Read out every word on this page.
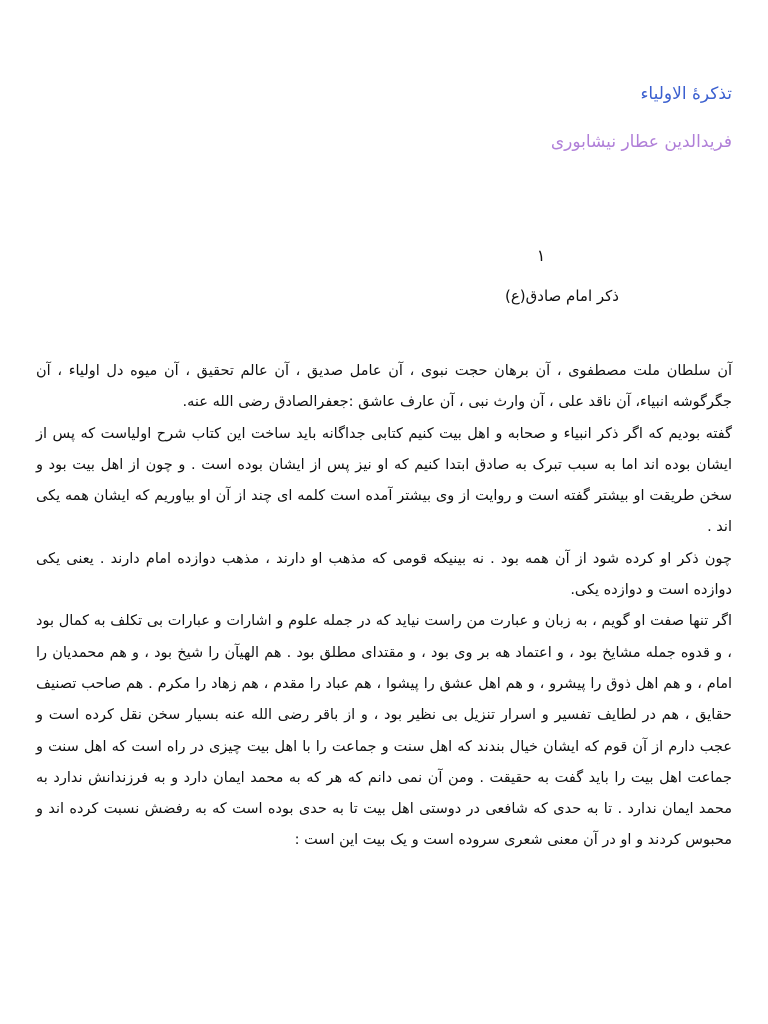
تذکرۀ الاولیاء
فریدالدین عطار نیشابوری
١
ذکر امام صادق(ع)

آن سلطان ملت مصطفوی ، آن برهان حجت نبوی ، آن عامل صدیق ، آن عالم تحقیق ، آن میوه دل اولیاء ، آن جگرگوشه انبیاء، آن ناقد علی ، آن وارث نبی ، آن عارف عاشق :جعفرالصادق رضی الله عنه.

گفته بودیم که اگر ذکر انبیاء و صحابه و اهل بیت کنیم کتابی جداگانه باید ساخت این کتاب شرح اولیاست که پس از ایشان بوده اند اما به سبب تبرک به صادق ابتدا کنیم که او نیز پس از ایشان بوده است . و چون از اهل بیت بود و سخن طریقت او بیشتر گفته است و روایت از وی بیشتر آمده است کلمه ای چند از آن او بیاوریم که ایشان همه یکی اند .

چون ذکر او کرده شود از آن همه بود . نه بینیکه قومی که مذهب او دارند ، مذهب دوازده امام دارند . یعنی یکی دوازده است و دوازده یکی.

اگر تنها صفت او گویم ، به زبان و عبارت من راست نیاید که در جمله علوم و اشارات و عبارات بی تکلف به کمال بود ، و قدوه جمله مشایخ بود ، و اعتماد هه بر وی بود ، و مقتدای مطلق بود . هم الهیآن را شیخ بود ، و هم محمدیان را امام ، و هم اهل ذوق را پیشرو ، و هم اهل عشق را پیشوا ، هم عباد را مقدم ، هم زهاد را مکرم . هم صاحب تصنیف حقایق ، هم در لطایف تفسیر و اسرار تنزیل بی نظیر بود ، و از باقر رضی الله عنه بسیار سخن نقل کرده است و عجب دارم از آن قوم که ایشان خیال بندند که اهل سنت و جماعت را با اهل بیت چیزی در راه است که اهل سنت و جماعت اهل بیت را باید گفت به حقیقت . ومن آن نمی دانم که هر که به محمد ایمان دارد و به فرزندانش ندارد به محمد ایمان ندارد . تا به حدی که شافعی در دوستی اهل بیت تا به حدی بوده است که به رفضش نسبت کرده اند و محبوس کردند و او در آن معنی شعری سروده است و یک بیت این است :
